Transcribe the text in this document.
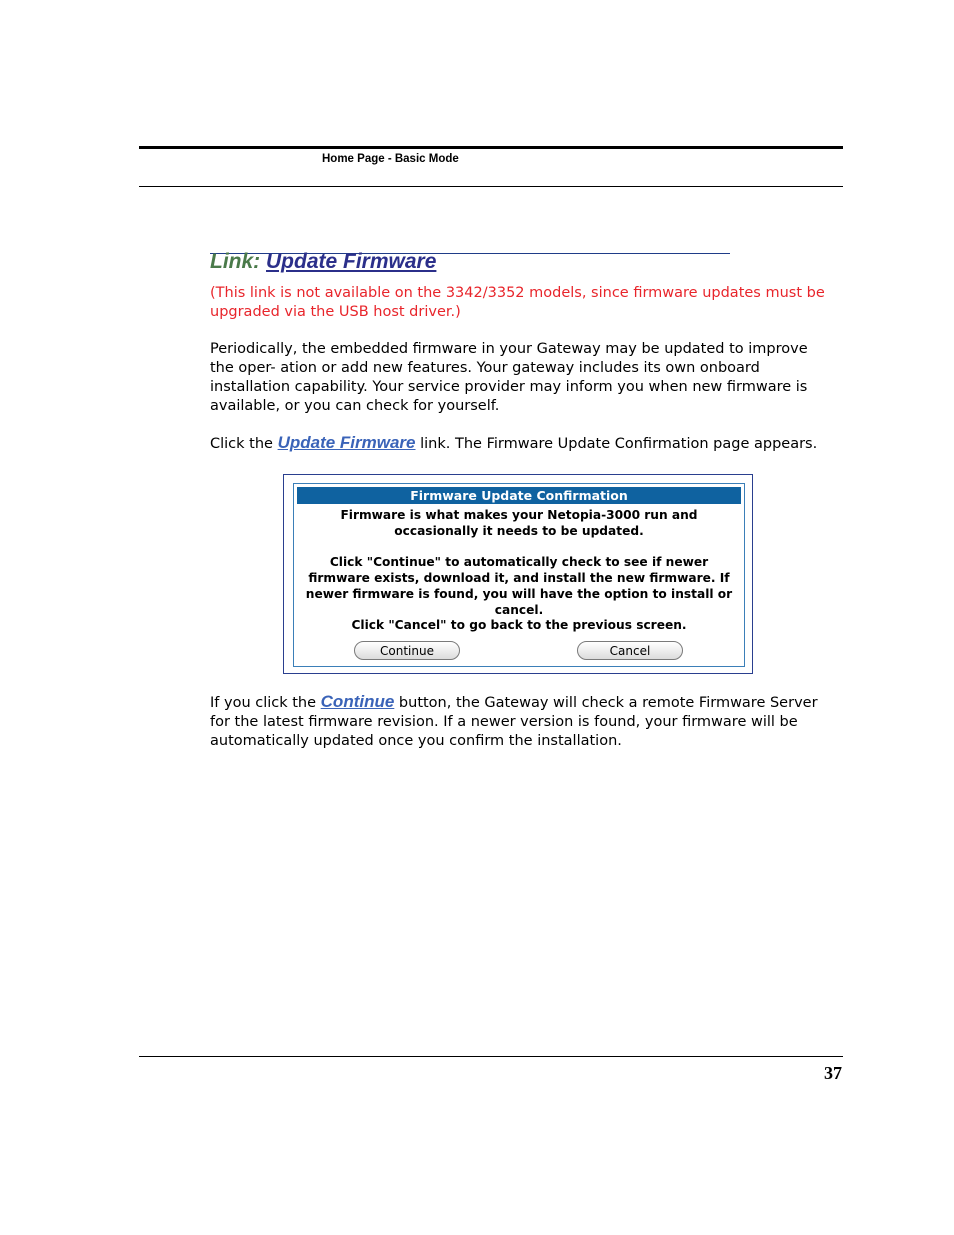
Home Page - Basic Mode
Link: Update Firmware
(This link is not available on the 3342/3352 models, since firmware updates must be upgraded via the USB host driver.)
Periodically, the embedded firmware in your Gateway may be updated to improve the oper- ation or add new features. Your gateway includes its own onboard installation capability. Your service provider may inform you when new firmware is available, or you can check for yourself.
Click the Update Firmware link. The Firmware Update Confirmation page appears.
Firmware Update Confirmation
Firmware is what makes your Netopia-3000 run and occasionally it needs to be updated.
Click "Continue" to automatically check to see if newer firmware exists, download it, and install the new firmware. If newer firmware is found, you will have the option to install or cancel.
Click "Cancel" to go back to the previous screen.
Continue	Cancel
If you click the Continue button, the Gateway will check a remote Firmware Server for the latest firmware revision. If a newer version is found, your firmware will be automatically updated once you confirm the installation.
37
